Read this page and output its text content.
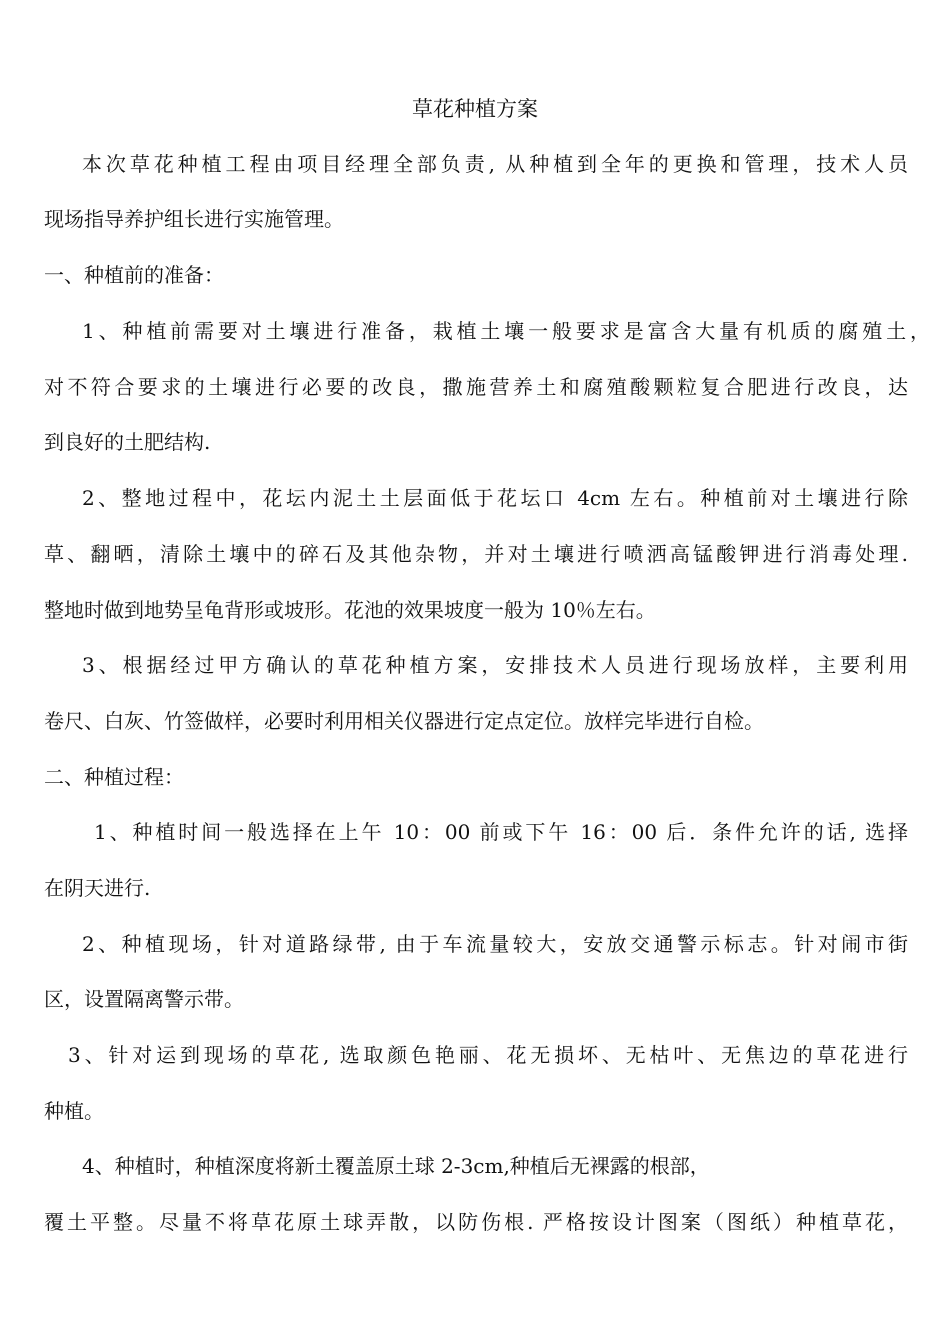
草花种植方案
本次草花种植工程由项目经理全部负责, 从种植到全年的更换和管理，技术人员
现场指导养护组长进行实施管理。
一、种植前的准备：
1、种植前需要对土壤进行准备，栽植土壤一般要求是富含大量有机质的腐殖土，
对不符合要求的土壤进行必要的改良，撒施营养土和腐殖酸颗粒复合肥进行改良，达
到良好的土肥结构.
2、整地过程中，花坛内泥土土层面低于花坛口 4cm 左右。种植前对土壤进行除
草、翻晒，清除土壤中的碎石及其他杂物，并对土壤进行喷洒高锰酸钾进行消毒处理.
整地时做到地势呈龟背形或坡形。花池的效果坡度一般为 10％左右。
3、根据经过甲方确认的草花种植方案，安排技术人员进行现场放样，主要利用
卷尺、白灰、竹签做样，必要时利用相关仪器进行定点定位。放样完毕进行自检。
二、种植过程：
1、种植时间一般选择在上午 10：00 前或下午 16：00 后．条件允许的话, 选择
在阴天进行.
2、种植现场，针对道路绿带, 由于车流量较大，安放交通警示标志。针对闹市街
区，设置隔离警示带。
3、针对运到现场的草花, 选取颜色艳丽、花无损坏、无枯叶、无焦边的草花进行
种植。
4、种植时，种植深度将新土覆盖原土球 2-3cm,种植后无裸露的根部，
覆土平整。尽量不将草花原土球弄散，以防伤根. 严格按设计图案（图纸）种植草花，
